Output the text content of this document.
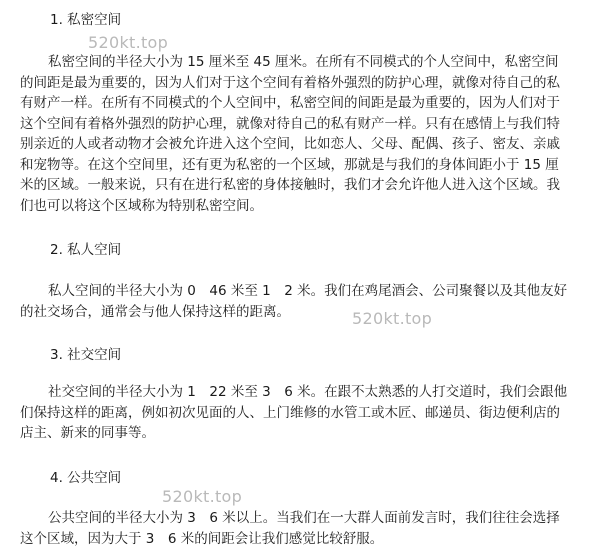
1. 私密空间
私密空间的半径大小为 15 厘米至 45 厘米。在所有不同模式的个人空间中，私密空间
的间距是最为重要的，因为人们对于这个空间有着格外强烈的防护心理，就像对待自己的私
有财产一样。在所有不同模式的个人空间中，私密空间的间距是最为重要的，因为人们对于
这个空间有着格外强烈的防护心理，就像对待自己的私有财产一样。只有在感情上与我们特
别亲近的人或者动物才会被允许进入这个空间，比如恋人、父母、配偶、孩子、密友、亲戚
和宠物等。在这个空间里，还有更为私密的一个区域，那就是与我们的身体间距小于 15 厘
米的区域。一般来说，只有在进行私密的身体接触时，我们才会允许他人进入这个区域。我
们也可以将这个区域称为特别私密空间。
2. 私人空间
私人空间的半径大小为 0　46 米至 1　2 米。我们在鸡尾酒会、公司聚餐以及其他友好
的社交场合，通常会与他人保持这样的距离。
3. 社交空间
社交空间的半径大小为 1　22 米至 3　6 米。在跟不太熟悉的人打交道时，我们会跟他
们保持这样的距离，例如初次见面的人、上门维修的水管工或木匠、邮递员、街边便利店的
店主、新来的同事等。
4. 公共空间
公共空间的半径大小为 3　6 米以上。当我们在一大群人面前发言时，我们往往会选择
这个区域，因为大于 3　6 米的间距会让我们感觉比较舒服。
520kt.top
520kt.top
520kt.top
